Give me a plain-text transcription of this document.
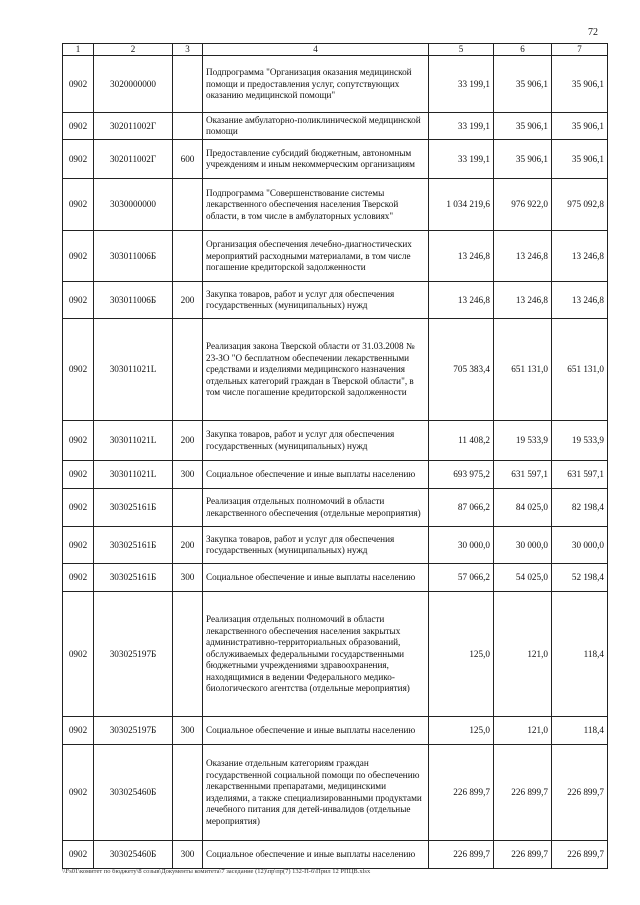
72
1	2	3	4	5	6	7
0902	3020000000		Подпрограмма "Организация оказания медицинской помощи и предоставления услуг, сопутствующих оказанию медицинской помощи"	33 199,1	35 906,1	35 906,1
0902	302011002Г		Оказание амбулаторно-поликлинической медицинской помощи	33 199,1	35 906,1	35 906,1
0902	302011002Г	600	Предоставление субсидий бюджетным, автономным учреждениям и иным некоммерческим организациям	33 199,1	35 906,1	35 906,1
0902	3030000000		Подпрограмма "Совершенствование системы лекарственного обеспечения населения Тверской области, в том числе в амбулаторных условиях"	1 034 219,6	976 922,0	975 092,8
0902	303011006Б		Организация обеспечения лечебно-диагностических мероприятий расходными материалами, в том числе погашение кредиторской задолженности	13 246,8	13 246,8	13 246,8
0902	303011006Б	200	Закупка товаров, работ и услуг для обеспечения государственных (муниципальных) нужд	13 246,8	13 246,8	13 246,8
0902	303011021L		Реализация закона Тверской области от 31.03.2008 № 23-ЗО "О бесплатном обеспечении лекарственными средствами и изделиями медицинского назначения отдельных категорий граждан в Тверской области", в том числе погашение кредиторской задолженности	705 383,4	651 131,0	651 131,0
0902	303011021L	200	Закупка товаров, работ и услуг для обеспечения государственных (муниципальных) нужд	11 408,2	19 533,9	19 533,9
0902	303011021L	300	Социальное обеспечение и иные выплаты населению	693 975,2	631 597,1	631 597,1
0902	303025161Б		Реализация отдельных полномочий в области лекарственного обеспечения (отдельные мероприятия)	87 066,2	84 025,0	82 198,4
0902	303025161Б	200	Закупка товаров, работ и услуг для обеспечения государственных (муниципальных) нужд	30 000,0	30 000,0	30 000,0
0902	303025161Б	300	Социальное обеспечение и иные выплаты населению	57 066,2	54 025,0	52 198,4
0902	303025197Б		Реализация отдельных полномочий в области лекарственного обеспечения населения закрытых административно-территориальных образований, обслуживаемых федеральными государственными бюджетными учреждениями здравоохранения, находящимися в ведении Федерального медико-биологического агентства (отдельные мероприятия)	125,0	121,0	118,4
0902	303025197Б	300	Социальное обеспечение и иные выплаты населению	125,0	121,0	118,4
0902	303025460Б		Оказание отдельным категориям граждан государственной социальной помощи по обеспечению лекарственными препаратами, медицинскими изделиями, а также специализированными продуктами лечебного питания для детей-инвалидов (отдельные мероприятия)	226 899,7	226 899,7	226 899,7
0902	303025460Б	300	Социальное обеспечение и иные выплаты населению	226 899,7	226 899,7	226 899,7
\\Fs01\комитет по бюджету\8 созыв\Документы комитета\7 заседание (12)\пр\пр(7) 132-П-6\Прил 12 РПЦВ.xlsx
